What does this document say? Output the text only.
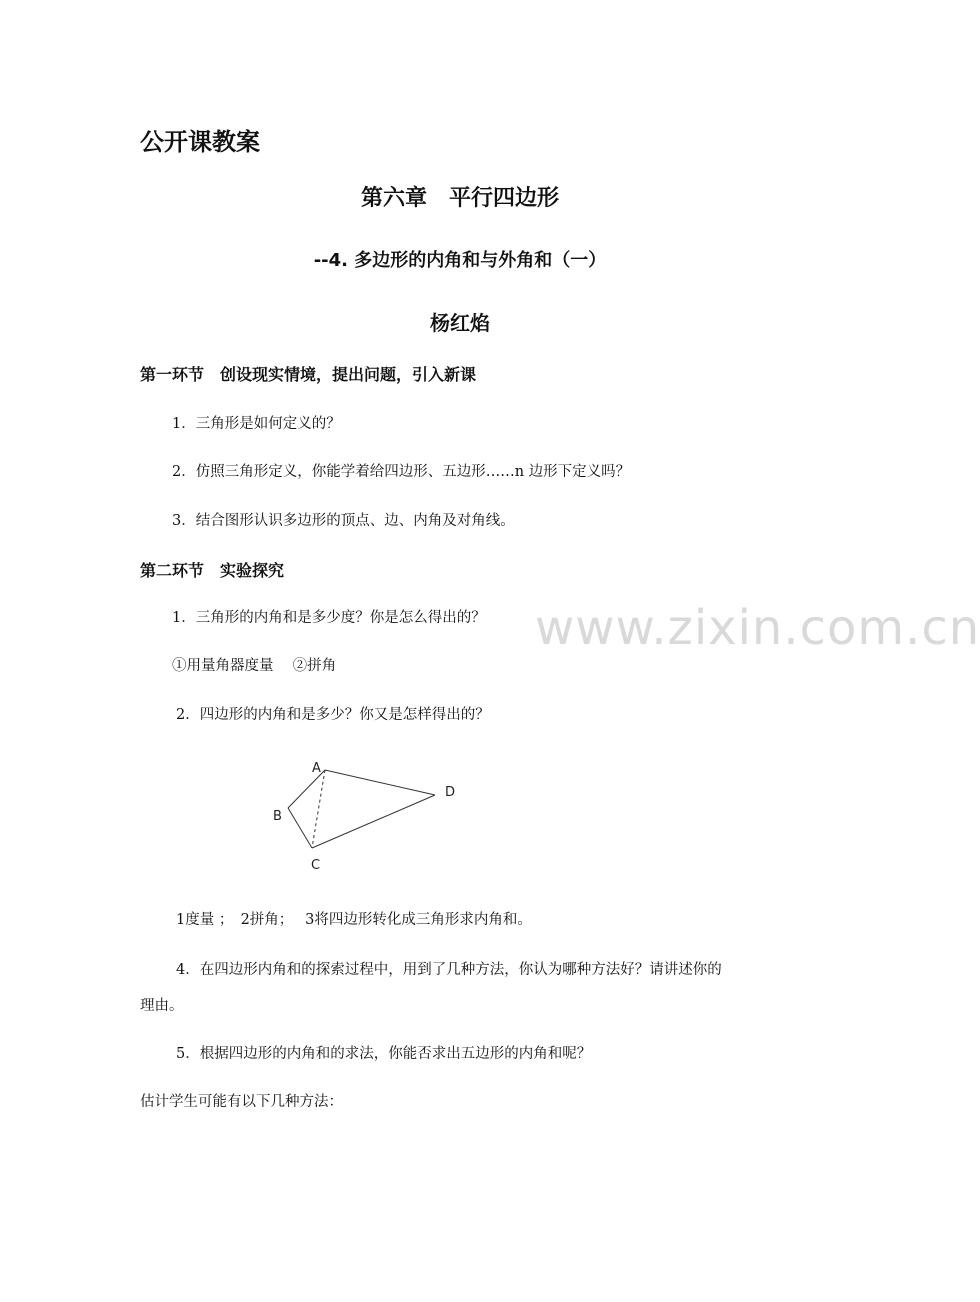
公开课教案
第六章　平行四边形
--4. 多边形的内角和与外角和（一）
杨红焰
第一环节　创设现实情境，提出问题，引入新课
1．三角形是如何定义的？
2．仿照三角形定义，你能学着给四边形、五边形……n 边形下定义吗？
3．结合图形认识多边形的顶点、边、内角及对角线。
第二环节　实验探究
1．三角形的内角和是多少度？你是怎么得出的？
①用量角器度量　 ②拼角
2．四边形的内角和是多少？你又是怎样得出的？
www.zixin.com.cn
A
B
C
D
1度量 ；　2拼角；　 3将四边形转化成三角形求内角和。
4．在四边形内角和的探索过程中，用到了几种方法，你认为哪种方法好？请讲述你的
理由。
5．根据四边形的内角和的求法，你能否求出五边形的内角和呢？
估计学生可能有以下几种方法：
